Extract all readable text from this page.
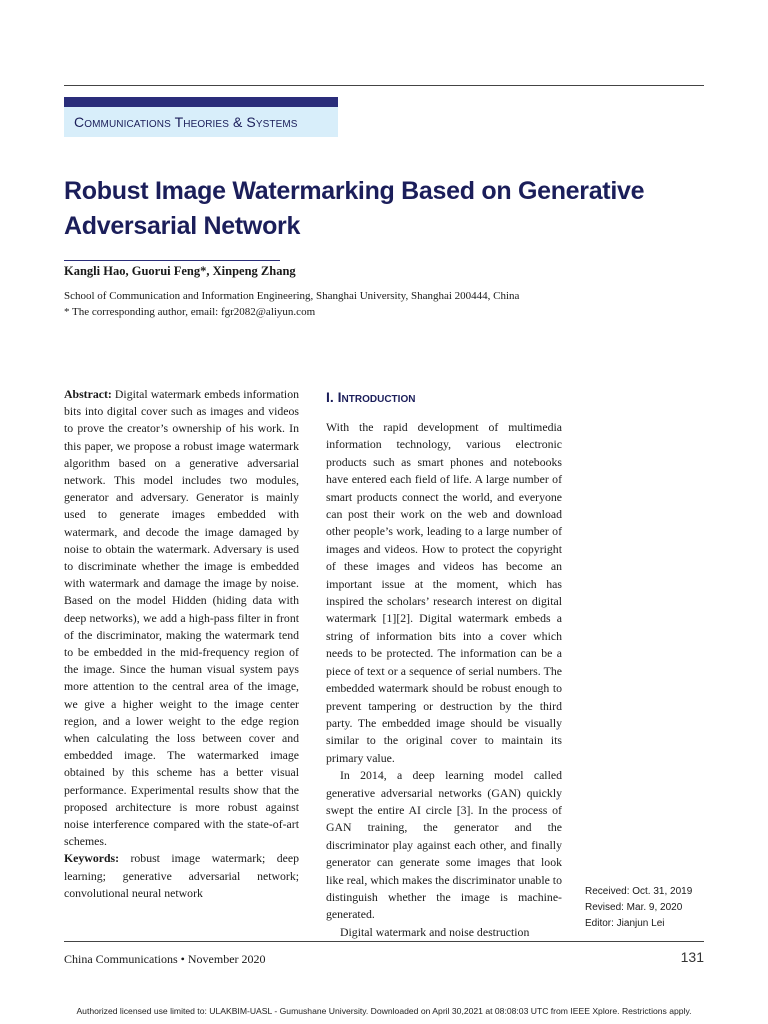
Communications Theories & Systems
Robust Image Watermarking Based on Generative Adversarial Network
Kangli Hao, Guorui Feng*, Xinpeng Zhang
School of Communication and Information Engineering, Shanghai University, Shanghai 200444, China
* The corresponding author, email: fgr2082@aliyun.com

Abstract: Digital watermark embeds information bits into digital cover such as images and videos to prove the creator’s ownership of his work. In this paper, we propose a robust image watermark algorithm based on a generative adversarial network. This model includes two modules, generator and adversary. Generator is mainly used to generate images embedded with watermark, and decode the image damaged by noise to obtain the watermark. Adversary is used to discriminate whether the image is embedded with watermark and damage the image by noise. Based on the model Hidden (hiding data with deep networks), we add a high-pass filter in front of the discriminator, making the watermark tend to be embedded in the mid-frequency region of the image. Since the human visual system pays more attention to the central area of the image, we give a higher weight to the image center region, and a lower weight to the edge region when calculating the loss between cover and embedded image. The watermarked image obtained by this scheme has a better visual performance. Experimental results show that the proposed architecture is more robust against noise interference compared with the state-of-art schemes.

Keywords: robust image watermark; deep learning; generative adversarial network; convolutional neural network

I. Introduction

With the rapid development of multimedia information technology, various electronic products such as smart phones and notebooks have entered each field of life. A large number of smart products connect the world, and everyone can post their work on the web and download other people’s work, leading to a large number of images and videos. How to protect the copyright of these images and videos has become an important issue at the moment, which has inspired the scholars’ research interest on digital watermark [1][2]. Digital watermark embeds a string of information bits into a cover which needs to be protected. The information can be a piece of text or a sequence of serial numbers. The embedded watermark should be robust enough to prevent tampering or destruction by the third party. The embedded image should be visually similar to the original cover to maintain its primary value.

In 2014, a deep learning model called generative adversarial networks (GAN) quickly swept the entire AI circle [3]. In the process of GAN training, the generator and the discriminator play against each other, and finally generator can generate some images that look like real, which makes the discriminator unable to distinguish whether the image is machine-generated.

Digital watermark and noise destruction

Received: Oct. 31, 2019
Revised: Mar. 9, 2020
Editor: Jianjun Lei
China Communications • November 2020	131
Authorized licensed use limited to: ULAKBIM-UASL - Gumushane University. Downloaded on April 30,2021 at 08:08:03 UTC from IEEE Xplore. Restrictions apply.
